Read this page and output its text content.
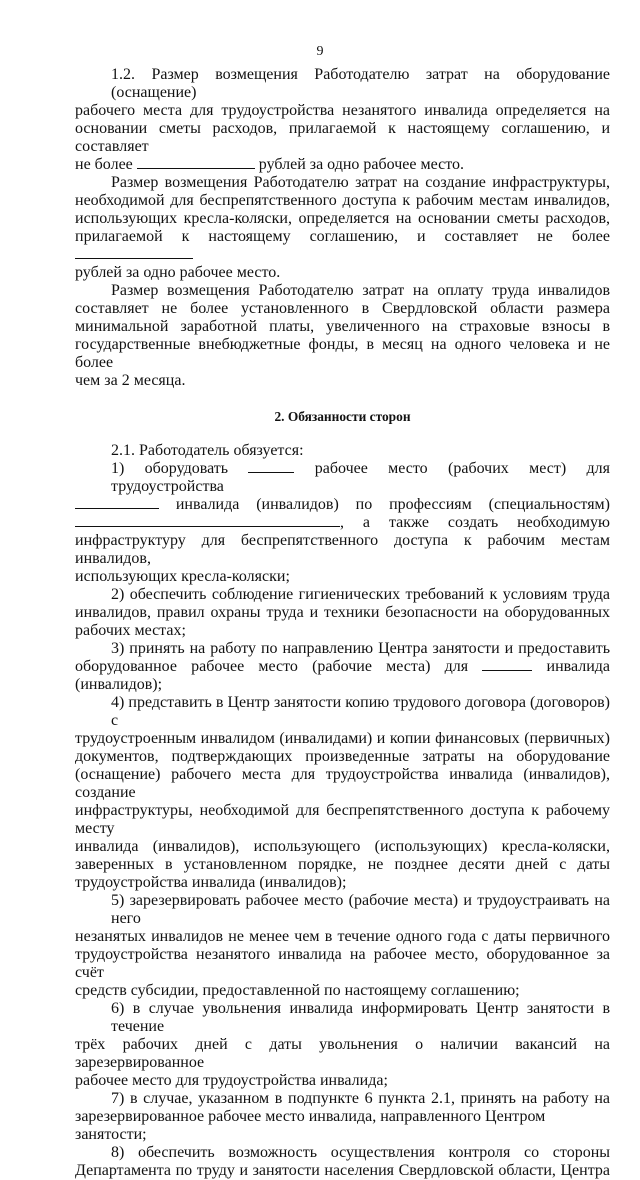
9
1.2. Размер возмещения Работодателю затрат на оборудование (оснащение)
рабочего места для трудоустройства незанятого инвалида определяется на
основании сметы расходов, прилагаемой к настоящему соглашению, и составляет
не более	рублей за одно рабочее место.
Размер возмещения Работодателю затрат на создание инфраструктуры,
необходимой для беспрепятственного доступа к рабочим местам инвалидов,
использующих кресла-коляски, определяется на основании сметы расходов,
прилагаемой к настоящему соглашению, и составляет не более
рублей за одно рабочее место.
Размер возмещения Работодателю затрат на оплату труда инвалидов
составляет не более установленного в Свердловской области размера
минимальной заработной платы, увеличенного на страховые взносы в
государственные внебюджетные фонды, в месяц на одного человека и не более
чем за 2 месяца.
2. Обязанности сторон
2.1. Работодатель обязуется:
1) оборудовать	рабочее место (рабочих мест) для трудоустройства
инвалида (инвалидов) по профессиям (специальностям)
, а также создать необходимую
инфраструктуру для беспрепятственного доступа к рабочим местам инвалидов,
использующих кресла-коляски;
2) обеспечить соблюдение гигиенических требований к условиям труда
инвалидов, правил охраны труда и техники безопасности на оборудованных
рабочих местах;
3) принять на работу по направлению Центра занятости и предоставить
оборудованное рабочее место (рабочие места) для	инвалида (инвалидов);
4) представить в Центр занятости копию трудового договора (договоров) с
трудоустроенным инвалидом (инвалидами) и копии финансовых (первичных)
документов, подтверждающих произведенные затраты на оборудование
(оснащение) рабочего места для трудоустройства инвалида (инвалидов), создание
инфраструктуры, необходимой для беспрепятственного доступа к рабочему месту
инвалида (инвалидов), использующего (использующих) кресла-коляски,
заверенных в установленном порядке, не позднее десяти дней с даты
трудоустройства инвалида (инвалидов);
5) зарезервировать рабочее место (рабочие места) и трудоустраивать на него
незанятых инвалидов не менее чем в течение одного года с даты первичного
трудоустройства незанятого инвалида на рабочее место, оборудованное за счёт
средств субсидии, предоставленной по настоящему соглашению;
6) в случае увольнения инвалида информировать Центр занятости в течение
трёх рабочих дней с даты увольнения о наличии вакансий на зарезервированное
рабочее место для трудоустройства инвалида;
7) в случае, указанном в подпункте 6 пункта 2.1, принять на работу на
зарезервированное рабочее место инвалида, направленного Центром занятости;
8) обеспечить возможность осуществления контроля со стороны
Департамента по труду и занятости населения Свердловской области, Центра
